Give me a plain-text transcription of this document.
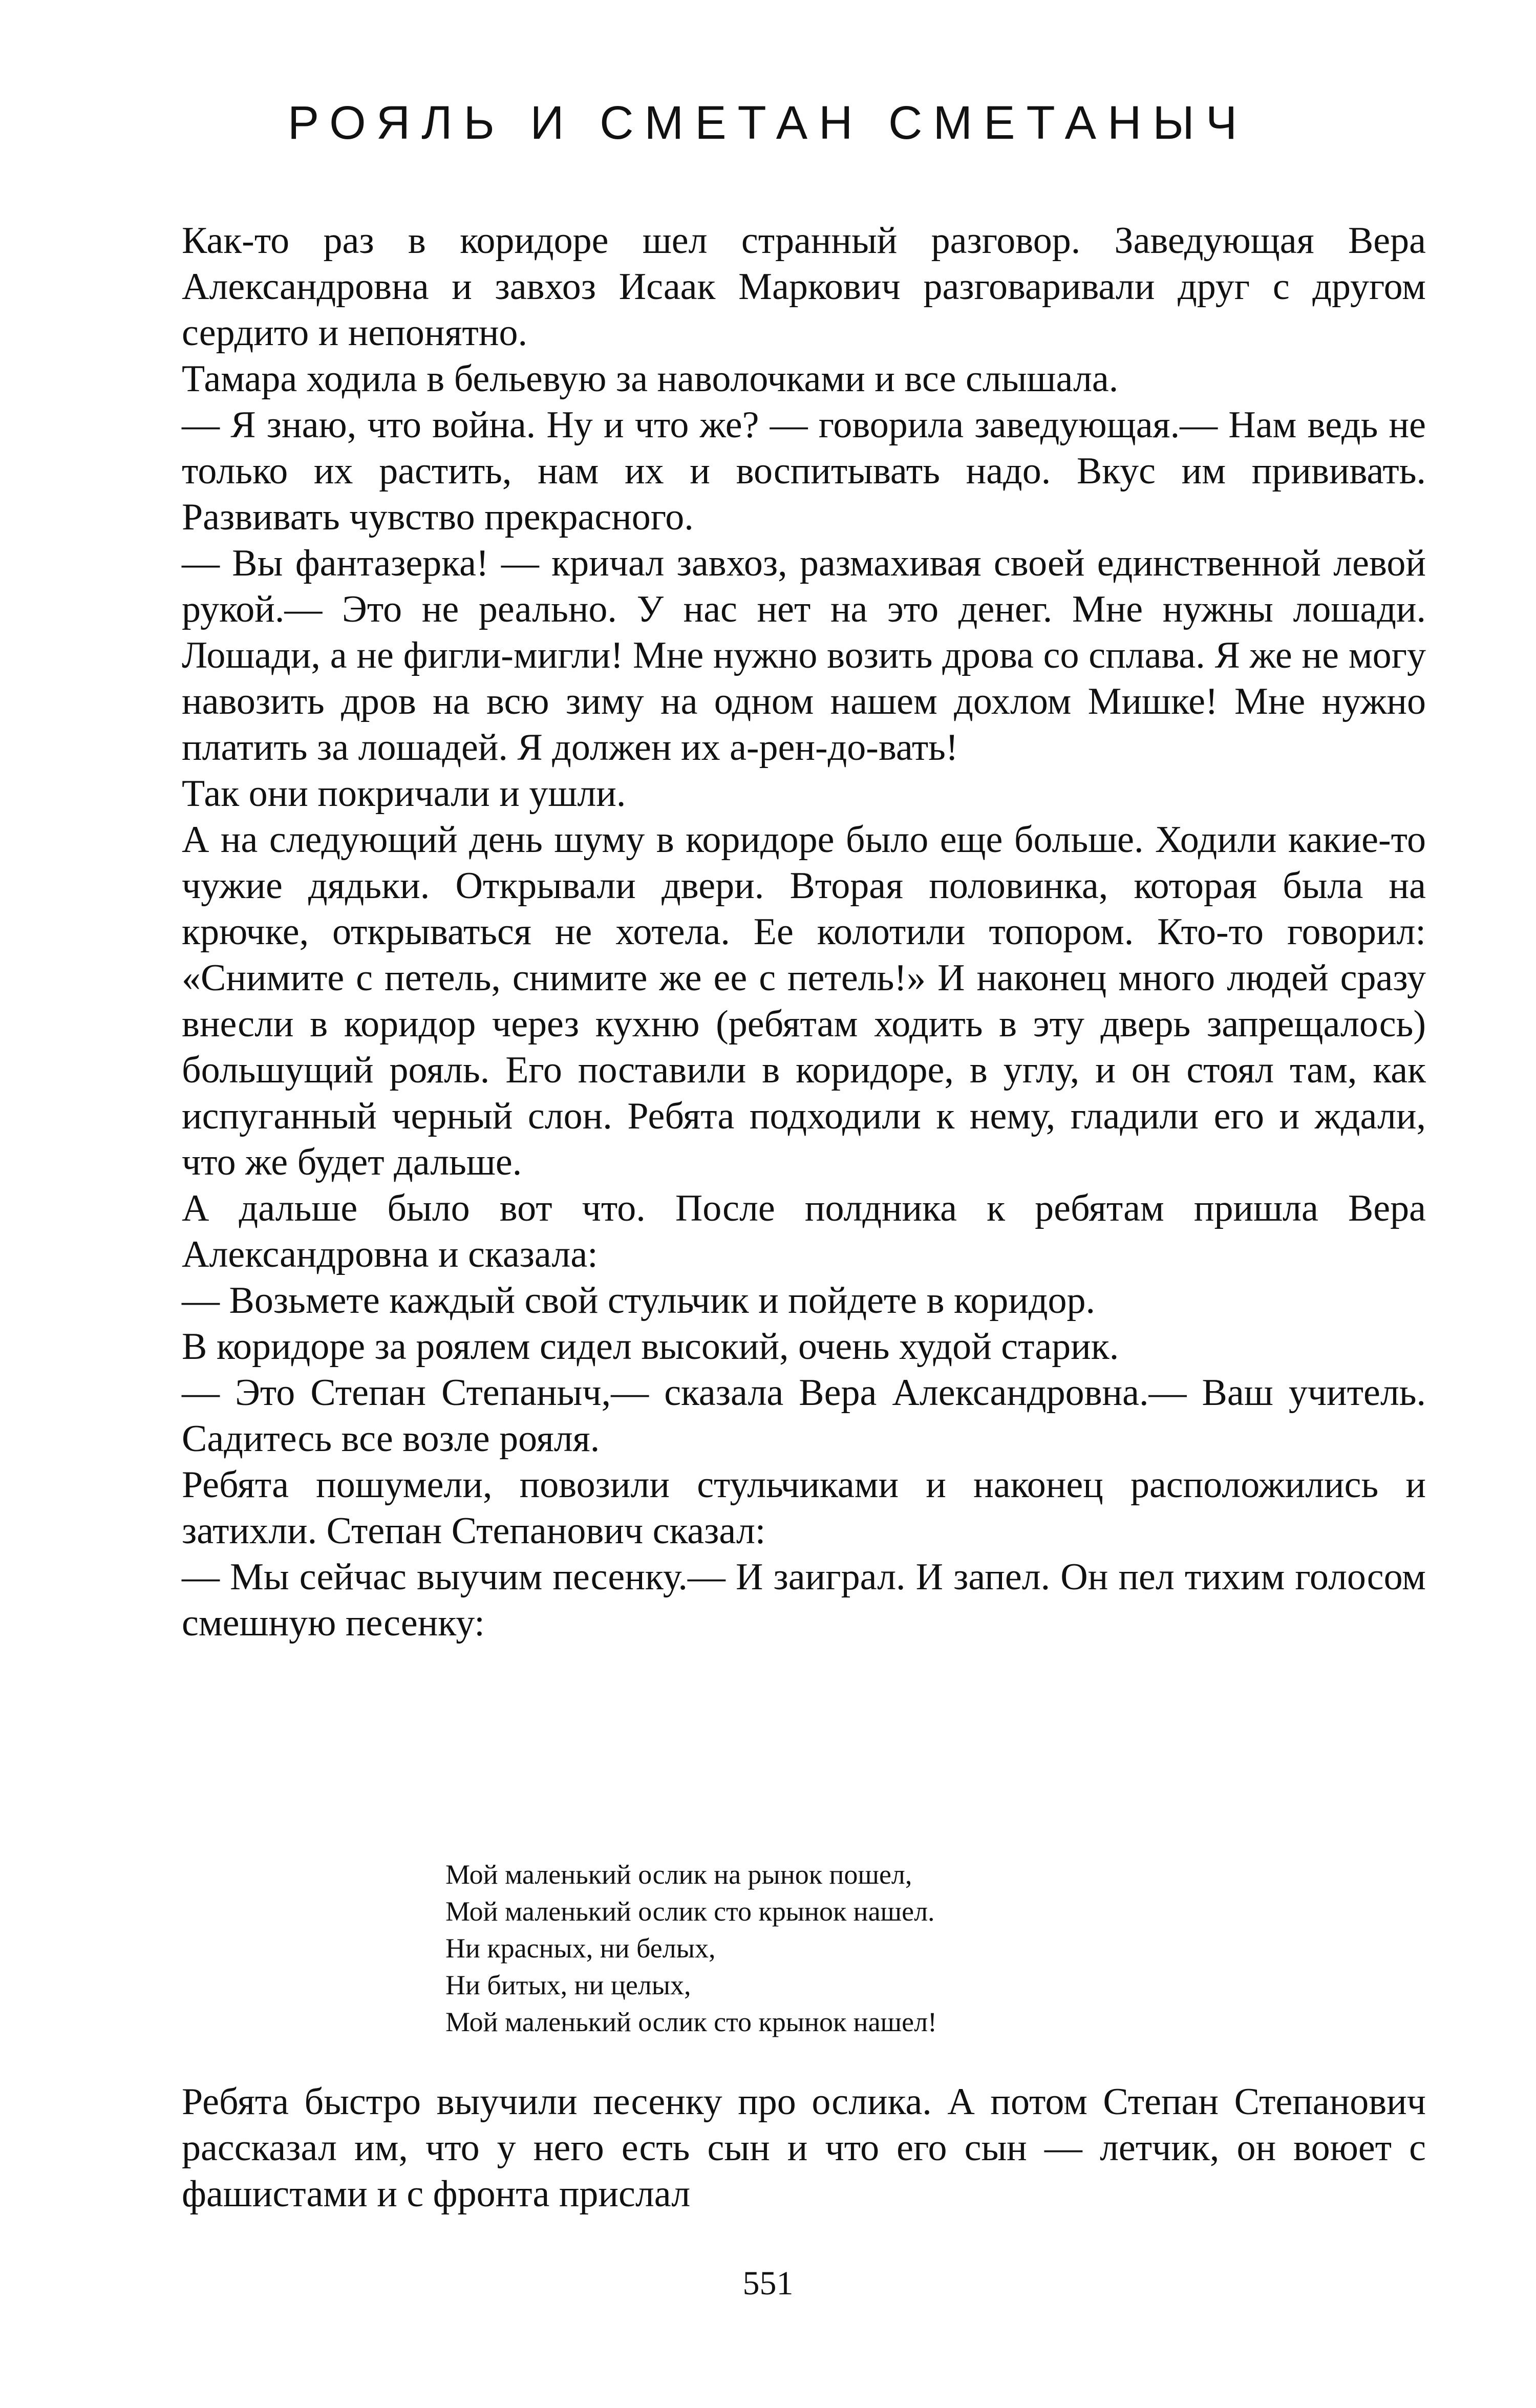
РОЯЛЬ И СМЕТАН СМЕТАНЫЧ

Как-то раз в коридоре шел странный разговор. Заведующая Вера Александровна и завхоз Исаак Маркович разговаривали друг с другом сердито и непонятно.

Тамара ходила в бельевую за наволочками и все слышала.

— Я знаю, что война. Ну и что же? — говорила заведующая.— Нам ведь не только их растить, нам их и воспитывать надо. Вкус им прививать. Развивать чувство прекрасного.

— Вы фантазерка! — кричал завхоз, размахивая своей единственной левой рукой.— Это не реально. У нас нет на это денег. Мне нужны лошади. Лошади, а не фигли-мигли! Мне нужно возить дрова со сплава. Я же не могу навозить дров на всю зиму на одном нашем дохлом Мишке! Мне нужно платить за лошадей. Я должен их а-рен-до-вать!

Так они покричали и ушли.

А на следующий день шуму в коридоре было еще больше. Ходили какие-то чужие дядьки. Открывали двери. Вторая половинка, которая была на крючке, открываться не хотела. Ее колотили топором. Кто-то говорил: «Снимите с петель, снимите же ее с петель!» И наконец много людей сразу внесли в коридор через кухню (ребятам ходить в эту дверь запрещалось) большущий рояль. Его поставили в коридоре, в углу, и он стоял там, как испуганный черный слон. Ребята подходили к нему, гладили его и ждали, что же будет дальше.

А дальше было вот что. После полдника к ребятам пришла Вера Александровна и сказала:

— Возьмете каждый свой стульчик и пойдете в коридор.

В коридоре за роялем сидел высокий, очень худой старик.

— Это Степан Степаныч,— сказала Вера Александровна.— Ваш учитель. Садитесь все возле рояля.

Ребята пошумели, повозили стульчиками и наконец расположились и затихли. Степан Степанович сказал:

— Мы сейчас выучим песенку.— И заиграл. И запел. Он пел тихим голосом смешную песенку:

Мой маленький ослик на рынок пошел,
Мой маленький ослик сто крынок нашел.
Ни красных, ни белых,
Ни битых, ни целых,
Мой маленький ослик сто крынок нашел!

Ребята быстро выучили песенку про ослика. А потом Степан Степанович рассказал им, что у него есть сын и что его сын — летчик, он воюет с фашистами и с фронта прислал

551
